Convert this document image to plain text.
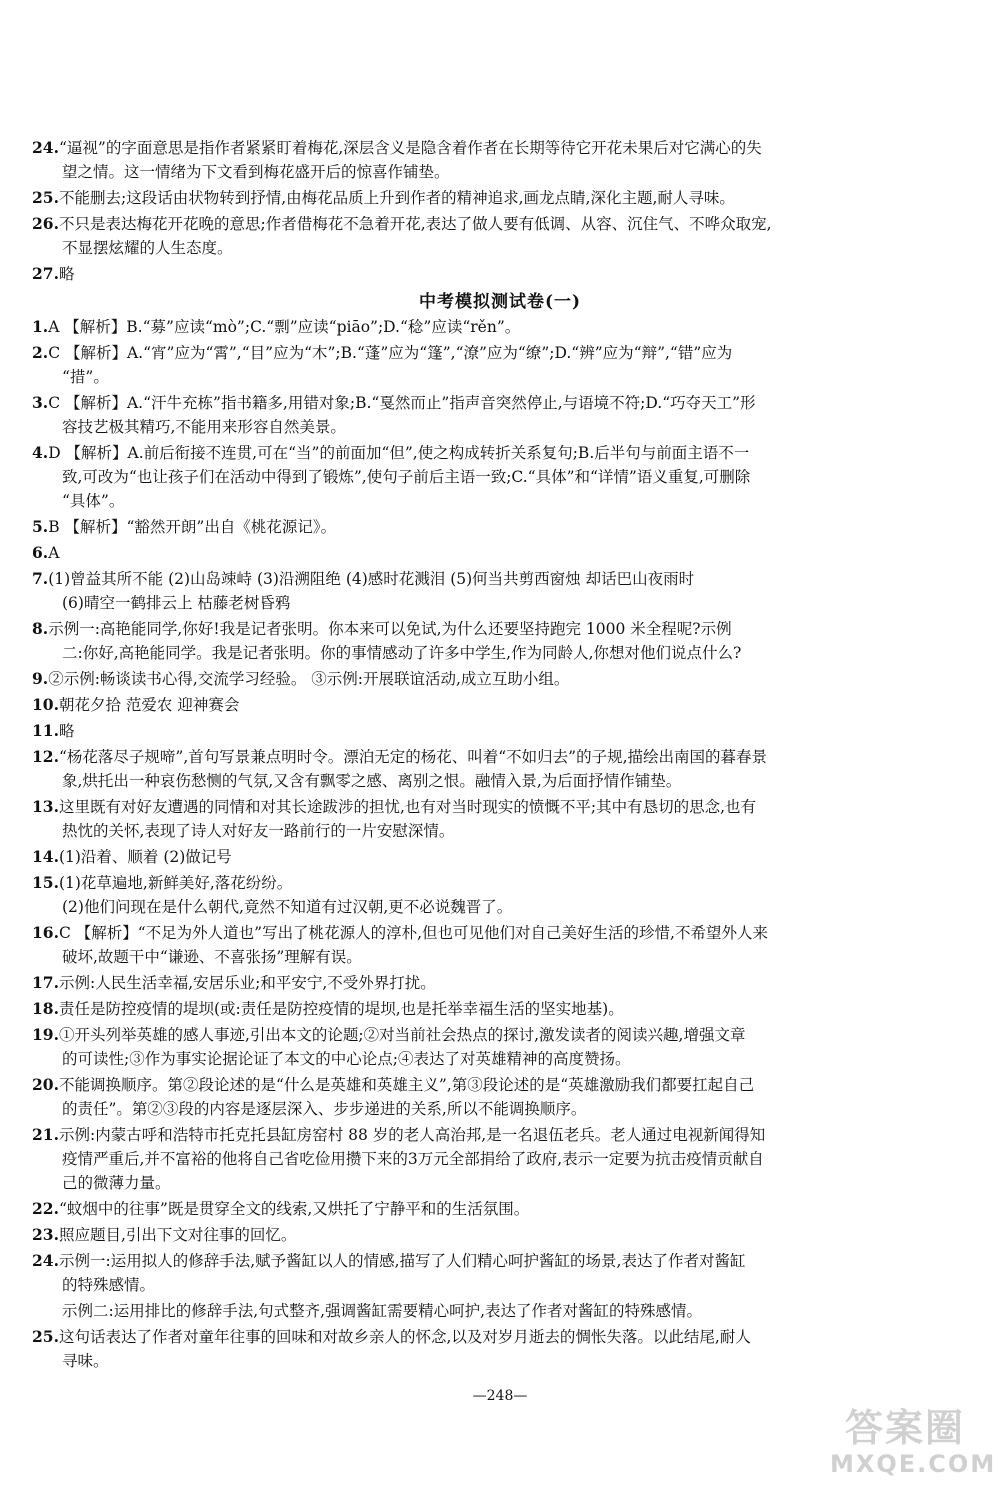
中考模拟测试卷(一)
24.“逼视”的字面意思是指作者紧紧盯着梅花,深层含义是隐含着作者在长期等待它开花未果后对它满心的失
望之情。这一情绪为下文看到梅花盛开后的惊喜作铺垫。
25.不能删去;这段话由状物转到抒情,由梅花品质上升到作者的精神追求,画龙点睛,深化主题,耐人寻味。
26.不只是表达梅花开花晚的意思;作者借梅花不急着开花,表达了做人要有低调、从容、沉住气、不哗众取宠,
不显摆炫耀的人生态度。
27.略
1.A 【解析】B.“募”应读“mò”;C.“剽”应读“piāo”;D.“稔”应读“rěn”。
2.C 【解析】A.“宵”应为“霄”,“目”应为“木”;B.“蓬”应为“篷”,“潦”应为“缭”;D.“辨”应为“辩”,“错”应为
“措”。
3.C 【解析】A.“汗牛充栋”指书籍多,用错对象;B.“戛然而止”指声音突然停止,与语境不符;D.“巧夺天工”形
容技艺极其精巧,不能用来形容自然美景。
4.D 【解析】A.前后衔接不连贯,可在“当”的前面加“但”,使之构成转折关系复句;B.后半句与前面主语不一
致,可改为“也让孩子们在活动中得到了锻炼”,使句子前后主语一致;C.“具体”和“详情”语义重复,可删除
“具体”。
5.B 【解析】“豁然开朗”出自《桃花源记》。
6.A
7.(1)曾益其所不能 (2)山岛竦峙 (3)沿溯阻绝 (4)感时花溅泪 (5)何当共剪西窗烛 却话巴山夜雨时
(6)晴空一鹤排云上 枯藤老树昏鸦
8.示例一:高艳能同学,你好!我是记者张明。你本来可以免试,为什么还要坚持跑完 1000 米全程呢?示例
二:你好,高艳能同学。我是记者张明。你的事情感动了许多中学生,作为同龄人,你想对他们说点什么?
9.②示例:畅谈读书心得,交流学习经验。 ③示例:开展联谊活动,成立互助小组。
10.朝花夕拾 范爱农 迎神赛会
11.略
12.“杨花落尽子规啼”,首句写景兼点明时令。漂泊无定的杨花、叫着“不如归去”的子规,描绘出南国的暮春景
象,烘托出一种哀伤愁恻的气氛,又含有飘零之感、离别之恨。融情入景,为后面抒情作铺垫。
13.这里既有对好友遭遇的同情和对其长途跋涉的担忧,也有对当时现实的愤慨不平;其中有恳切的思念,也有
热忱的关怀,表现了诗人对好友一路前行的一片安慰深情。
14.(1)沿着、顺着 (2)做记号
15.(1)花草遍地,新鲜美好,落花纷纷。
(2)他们问现在是什么朝代,竟然不知道有过汉朝,更不必说魏晋了。
16.C 【解析】“不足为外人道也”写出了桃花源人的淳朴,但也可见他们对自己美好生活的珍惜,不希望外人来
破坏,故题干中“谦逊、不喜张扬”理解有误。
17.示例:人民生活幸福,安居乐业;和平安宁,不受外界打扰。
18.责任是防控疫情的堤坝(或:责任是防控疫情的堤坝,也是托举幸福生活的坚实地基)。
19.①开头列举英雄的感人事迹,引出本文的论题;②对当前社会热点的探讨,激发读者的阅读兴趣,增强文章
的可读性;③作为事实论据论证了本文的中心论点;④表达了对英雄精神的高度赞扬。
20.不能调换顺序。第②段论述的是“什么是英雄和英雄主义”,第③段论述的是“英雄激励我们都要扛起自己
的责任”。第②③段的内容是逐层深入、步步递进的关系,所以不能调换顺序。
21.示例:内蒙古呼和浩特市托克托县缸房窑村 88 岁的老人高治邦,是一名退伍老兵。老人通过电视新闻得知
疫情严重后,并不富裕的他将自己省吃俭用攒下来的3万元全部捐给了政府,表示一定要为抗击疫情贡献自
己的微薄力量。
22.“蚊烟中的往事”既是贯穿全文的线索,又烘托了宁静平和的生活氛围。
23.照应题目,引出下文对往事的回忆。
24.示例一:运用拟人的修辞手法,赋予酱缸以人的情感,描写了人们精心呵护酱缸的场景,表达了作者对酱缸
的特殊感情。
示例二:运用排比的修辞手法,句式整齐,强调酱缸需要精心呵护,表达了作者对酱缸的特殊感情。
25.这句话表达了作者对童年往事的回味和对故乡亲人的怀念,以及对岁月逝去的惆怅失落。以此结尾,耐人
寻味。
—248—
答案圈
MXQE.COM
